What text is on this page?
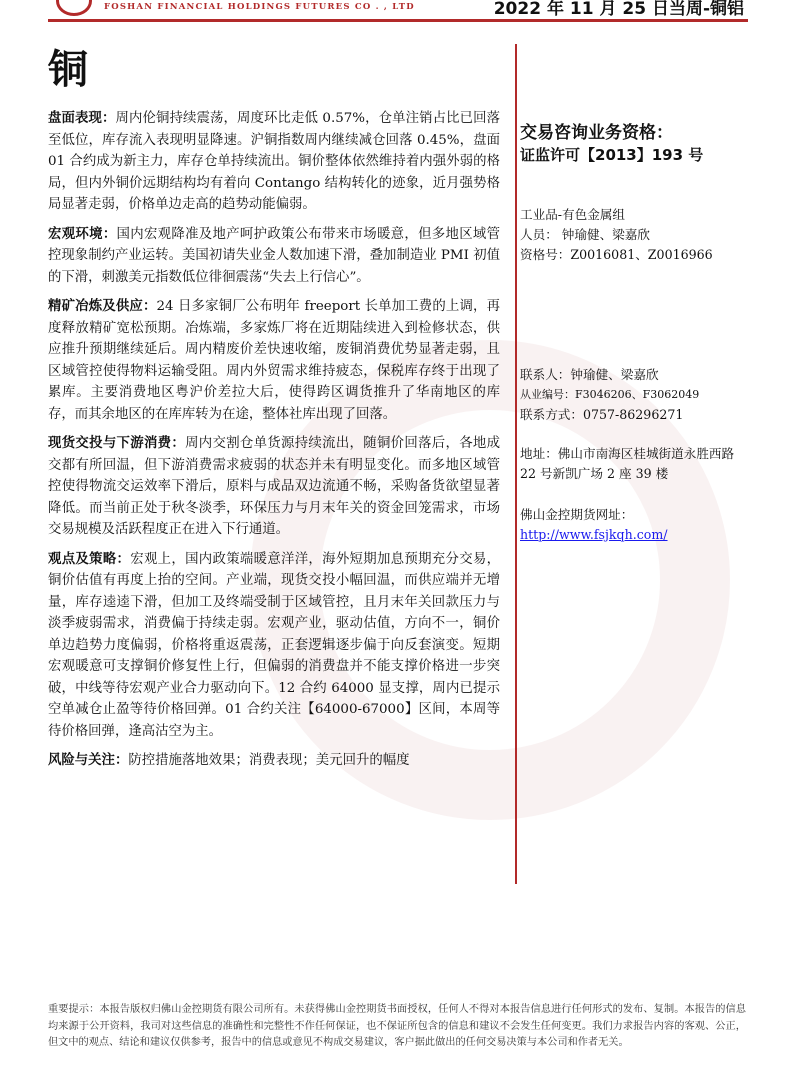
FOSHAN FINANCIAL HOLDINGS FUTURES CO . , LTD	2022 年 11 月 25 日当周-铜铝
铜

盘面表现：周内伦铜持续震荡，周度环比走低 0.57%，仓单注销占比已回落至低位，库存流入表现明显降速。沪铜指数周内继续减仓回落 0.45%，盘面 01 合约成为新主力，库存仓单持续流出。铜价整体依然维持着内强外弱的格局，但内外铜价远期结构均有着向 Contango 结构转化的迹象，近月强势格局显著走弱，价格单边走高的趋势动能偏弱。

宏观环境：国内宏观降准及地产呵护政策公布带来市场暖意，但多地区域管控现象制约产业运转。美国初请失业金人数加速下滑，叠加制造业 PMI 初值的下滑，刺激美元指数低位徘徊震荡“失去上行信心”。

精矿冶炼及供应：24 日多家铜厂公布明年 freeport 长单加工费的上调，再度释放精矿宽松预期。冶炼端，多家炼厂将在近期陆续进入到检修状态，供应推升预期继续延后。周内精废价差快速收缩，废铜消费优势显著走弱，且区域管控使得物料运输受阻。周内外贸需求维持疲态，保税库存终于出现了累库。主要消费地区粤沪价差拉大后，使得跨区调货推升了华南地区的库存，而其余地区的在库库转为在途，整体社库出现了回落。

现货交投与下游消费：周内交割仓单货源持续流出，随铜价回落后，各地成交都有所回温，但下游消费需求疲弱的状态并未有明显变化。而多地区域管控使得物流交运效率下滑后，原料与成品双边流通不畅，采购备货欲望显著降低。而当前正处于秋冬淡季，环保压力与月末年关的资金回笼需求，市场交易规模及活跃程度正在进入下行通道。

观点及策略：宏观上，国内政策端暖意洋洋，海外短期加息预期充分交易，铜价估值有再度上抬的空间。产业端，现货交投小幅回温，而供应端并无增量，库存逵逵下滑，但加工及终端受制于区域管控，且月末年关回款压力与淡季疲弱需求，消费偏于持续走弱。宏观产业，驱动估值，方向不一，铜价单边趋势力度偏弱，价格将重返震荡，正套逻辑逐步偏于向反套演变。短期宏观暖意可支撑铜价修复性上行，但偏弱的消费盘并不能支撑价格进一步突破，中线等待宏观产业合力驱动向下。12 合约 64000 显支撑，周内已提示空单减仓止盈等待价格回弹。01 合约关注【64000-67000】区间，本周等待价格回弹，逢高沽空为主。

风险与关注：防控措施落地效果；消费表现；美元回升的幅度

交易咨询业务资格：
证监许可【2013】193 号
工业品-有色金属组
人员： 钟瑜健、梁嘉欣
资格号：Z0016081、Z0016966
联系人：钟瑜健、梁嘉欣
从业编号：F3046206、F3062049
联系方式：0757-86296271
地址：佛山市南海区桂城街道永胜西路 22 号新凯广场 2 座 39 楼
佛山金控期货网址：
http://www.fsjkqh.com/
重要提示：本报告版权归佛山金控期货有限公司所有。未获得佛山金控期货书面授权，任何人不得对本报告信息进行任何形式的发布、复制。本报告的信息均来源于公开资料，我司对这些信息的准确性和完整性不作任何保证，也不保证所包含的信息和建议不会发生任何变更。我们力求报告内容的客观、公正，但文中的观点、结论和建议仅供参考，报告中的信息或意见不构成交易建议，客户据此做出的任何交易决策与本公司和作者无关。
